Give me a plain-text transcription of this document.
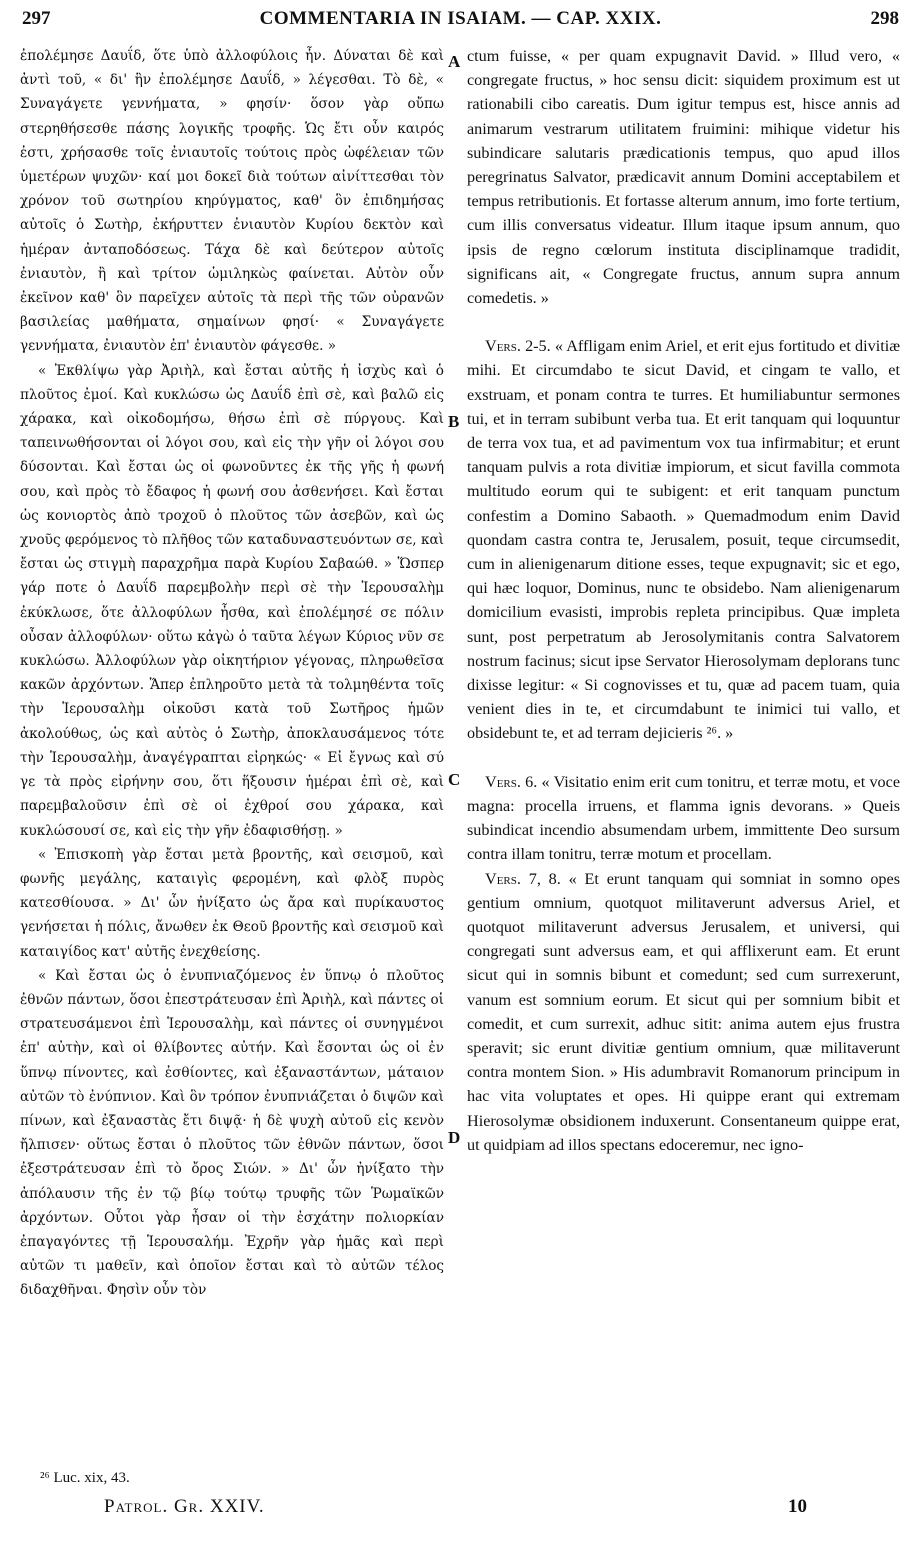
297	COMMENTARIA IN ISAIAM. — CAP. XXIX.	298

ἐπολέμησε Δαυΐδ, ὅτε ὑπὸ ἀλλοφύλοις ἦν. Δύναται δὲ καὶ ἀντὶ τοῦ, « δι' ἣν ἐπολέμησε Δαυΐδ, » λέγεσθαι. Τὸ δὲ, « Συναγάγετε γεννήματα, » φησίν· ὅσον γὰρ οὔπω στερηθήσεσθε πάσης λογικῆς τροφῆς. Ὡς ἔτι οὖν καιρός ἐστι, χρήσασθε τοῖς ἐνιαυτοῖς τούτοις πρὸς ὠφέλειαν τῶν ὑμετέρων ψυχῶν· καί μοι δοκεῖ διὰ τούτων αἰνίττεσθαι τὸν χρόνον τοῦ σωτηρίου κηρύγματος, καθ' ὃν ἐπιδημήσας αὐτοῖς ὁ Σωτὴρ, ἐκήρυττεν ἐνιαυτὸν Κυρίου δεκτὸν καὶ ἡμέραν ἀνταποδόσεως. Τάχα δὲ καὶ δεύτερον αὐτοῖς ἐνιαυτὸν, ἢ καὶ τρίτον ὡμιληκὼς φαίνεται. Αὐτὸν οὖν ἐκεῖνον καθ' ὃν παρεῖχεν αὐτοῖς τὰ περὶ τῆς τῶν οὐρανῶν βασιλείας μαθήματα, σημαίνων φησί· « Συναγάγετε γεννήματα, ἐνιαυτὸν ἐπ' ἐνιαυτὸν φάγεσθε. »

« Ἐκθλίψω γὰρ Ἀριὴλ, καὶ ἔσται αὐτῆς ἡ ἰσχὺς καὶ ὁ πλοῦτος ἐμοί. Καὶ κυκλώσω ὡς Δαυΐδ ἐπὶ σὲ, καὶ βαλῶ εἰς χάρακα, καὶ οἰκοδομήσω, θήσω ἐπὶ σὲ πύργους. Καὶ ταπεινωθήσονται οἱ λόγοι σου, καὶ εἰς τὴν γῆν οἱ λόγοι σου δύσονται. Καὶ ἔσται ὡς οἱ φωνοῦντες ἐκ τῆς γῆς ἡ φωνή σου, καὶ πρὸς τὸ ἔδαφος ἡ φωνή σου ἀσθενήσει. Καὶ ἔσται ὡς κονιορτὸς ἀπὸ τροχοῦ ὁ πλοῦτος τῶν ἀσεβῶν, καὶ ὡς χνοῦς φερόμενος τὸ πλῆθος τῶν καταδυναστευόντων σε, καὶ ἔσται ὡς στιγμὴ παραχρῆμα παρὰ Κυρίου Σαβαώθ. » Ὥσπερ γάρ ποτε ὁ Δαυΐδ παρεμβολὴν περὶ σὲ τὴν Ἱερουσαλὴμ ἐκύκλωσε, ὅτε ἀλλοφύλων ἦσθα, καὶ ἐπολέμησέ σε πόλιν οὖσαν ἀλλοφύλων· οὕτω κἀγὼ ὁ ταῦτα λέγων Κύριος νῦν σε κυκλώσω. Ἀλλοφύλων γὰρ οἰκητήριον γέγονας, πληρωθεῖσα κακῶν ἀρχόντων. Ἅπερ ἐπληροῦτο μετὰ τὰ τολμηθέντα τοῖς τὴν Ἱερουσαλὴμ οἰκοῦσι κατὰ τοῦ Σωτῆρος ἡμῶν ἀκολούθως, ὡς καὶ αὐτὸς ὁ Σωτὴρ, ἀποκλαυσάμενος τότε τὴν Ἱερουσαλὴμ, ἀναγέγραπται εἰρηκώς· « Εἰ ἔγνως καὶ σύ γε τὰ πρὸς εἰρήνην σου, ὅτι ἥξουσιν ἡμέραι ἐπὶ σὲ, καὶ παρεμβαλοῦσιν ἐπὶ σὲ οἱ ἐχθροί σου χάρακα, καὶ κυκλώσουσί σε, καὶ εἰς τὴν γῆν ἐδαφισθήσῃ. »

« Ἐπισκοπὴ γὰρ ἔσται μετὰ βροντῆς, καὶ σεισμοῦ, καὶ φωνῆς μεγάλης, καταιγὶς φερομένη, καὶ φλὸξ πυρὸς κατεσθίουσα. » Δι' ὧν ἠνίξατο ὡς ἄρα καὶ πυρίκαυστος γενήσεται ἡ πόλις, ἄνωθεν ἐκ Θεοῦ βροντῆς καὶ σεισμοῦ καὶ καταιγίδος κατ' αὐτῆς ἐνεχθείσης.

« Καὶ ἔσται ὡς ὁ ἐνυπνιαζόμενος ἐν ὕπνῳ ὁ πλοῦτος ἐθνῶν πάντων, ὅσοι ἐπεστράτευσαν ἐπὶ Ἀριὴλ, καὶ πάντες οἱ στρατευσάμενοι ἐπὶ Ἱερουσαλὴμ, καὶ πάντες οἱ συνηγμένοι ἐπ' αὐτὴν, καὶ οἱ θλίβοντες αὐτήν. Καὶ ἔσονται ὡς οἱ ἐν ὕπνῳ πίνοντες, καὶ ἐσθίοντες, καὶ ἐξαναστάντων, μάταιον αὐτῶν τὸ ἐνύπνιον. Καὶ ὃν τρόπον ἐνυπνιάζεται ὁ διψῶν καὶ πίνων, καὶ ἐξαναστὰς ἔτι διψᾷ· ἡ δὲ ψυχὴ αὐτοῦ εἰς κενὸν ἤλπισεν· οὕτως ἔσται ὁ πλοῦτος τῶν ἐθνῶν πάντων, ὅσοι ἐξεστράτευσαν ἐπὶ τὸ ὄρος Σιών. » Δι' ὧν ἠνίξατο τὴν ἀπόλαυσιν τῆς ἐν τῷ βίῳ τούτῳ τρυφῆς τῶν Ῥωμαϊκῶν ἀρχόντων. Οὗτοι γὰρ ἦσαν οἱ τὴν ἐσχάτην πολιορκίαν ἐπαγαγόντες τῇ Ἱερουσαλήμ. Ἐχρῆν γὰρ ἡμᾶς καὶ περὶ αὐτῶν τι μαθεῖν, καὶ ὁποῖον ἔσται καὶ τὸ αὐτῶν τέλος διδαχθῆναι. Φησὶν οὖν τὸν

A
B
C
D

ctum fuisse, « per quam expugnavit David. » Illud vero, « congregate fructus, » hoc sensu dicit: siquidem proximum est ut rationabili cibo careatis. Dum igitur tempus est, hisce annis ad animarum vestrarum utilitatem fruimini: mihique videtur his subindicare salutaris prædicationis tempus, quo apud illos peregrinatus Salvator, prædicavit annum Domini acceptabilem et tempus retributionis. Et fortasse alterum annum, imo forte tertium, cum illis conversatus videatur. Illum itaque ipsum annum, quo ipsis de regno cœlorum instituta disciplinamque tradidit, significans ait, « Congregate fructus, annum supra annum comedetis. »

Vers. 2-5. « Affligam enim Ariel, et erit ejus fortitudo et divitiæ mihi. Et circumdabo te sicut David, et cingam te vallo, et exstruam, et ponam contra te turres. Et humiliabuntur sermones tui, et in terram subibunt verba tua. Et erit tanquam qui loquuntur de terra vox tua, et ad pavimentum vox tua infirmabitur; et erunt tanquam pulvis a rota divitiæ impiorum, et sicut favilla commota multitudo eorum qui te subigent: et erit tanquam punctum confestim a Domino Sabaoth. » Quemadmodum enim David quondam castra contra te, Jerusalem, posuit, teque circumsedit, cum in alienigenarum ditione esses, teque expugnavit; sic et ego, qui hæc loquor, Dominus, nunc te obsidebo. Nam alienigenarum domicilium evasisti, improbis repleta principibus. Quæ impleta sunt, post perpetratum ab Jerosolymitanis contra Salvatorem nostrum facinus; sicut ipse Servator Hierosolymam deplorans tunc dixisse legitur: « Si cognovisses et tu, quæ ad pacem tuam, quia venient dies in te, et circumdabunt te inimici tui vallo, et obsidebunt te, et ad terram dejicieris ²⁶. »

Vers. 6. « Visitatio enim erit cum tonitru, et terræ motu, et voce magna: procella irruens, et flamma ignis devorans. » Queis subindicat incendio absumendam urbem, immittente Deo sursum contra illam tonitru, terræ motum et procellam.

Vers. 7, 8. « Et erunt tanquam qui somniat in somno opes gentium omnium, quotquot militaverunt adversus Ariel, et quotquot militaverunt adversus Jerusalem, et universi, qui congregati sunt adversus eam, et qui afflixerunt eam. Et erunt sicut qui in somnis bibunt et comedunt; sed cum surrexerunt, vanum est somnium eorum. Et sicut qui per somnium bibit et comedit, et cum surrexit, adhuc sitit: anima autem ejus frustra speravit; sic erunt divitiæ gentium omnium, quæ militaverunt contra montem Sion. » His adumbravit Romanorum principum in hac vita voluptates et opes. Hi quippe erant qui extremam Hierosolymæ obsidionem induxerunt. Consentaneum quippe erat, ut quidpiam ad illos spectans edoceremur, nec igno-

²⁶ Luc. xix, 43.
Patrol. Gr. XXIV.	10
